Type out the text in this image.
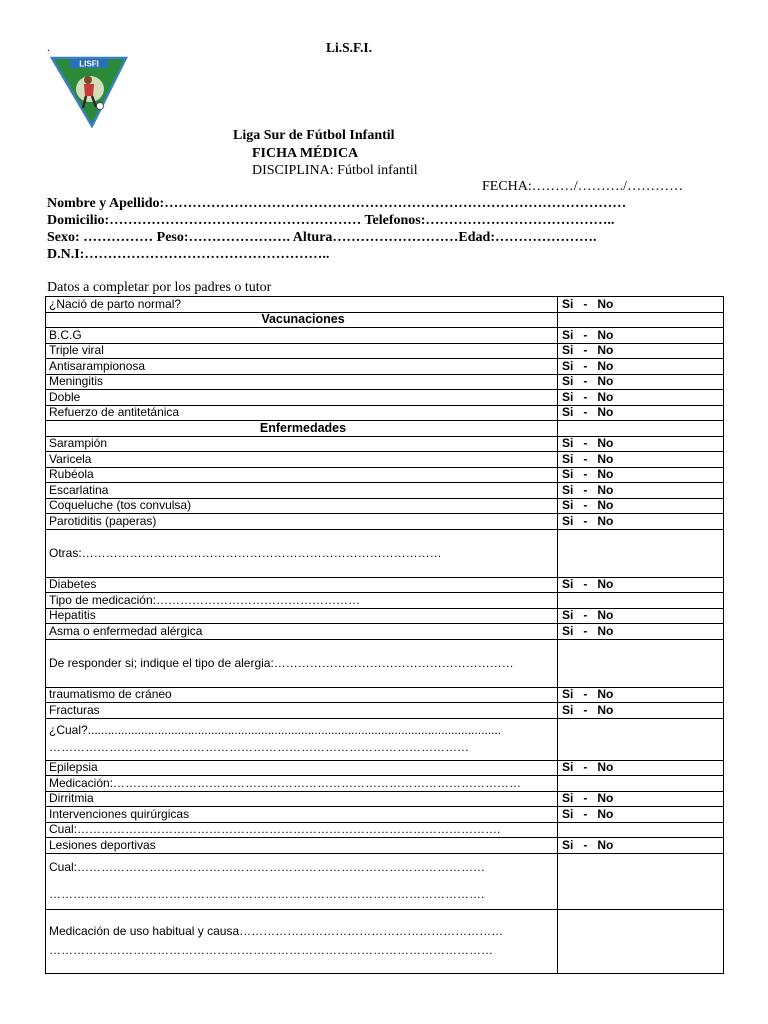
.	Li.S.F.I.
LISFI
Liga Sur de Fútbol Infantil
FICHA MÉDICA
DISCIPLINA: Fútbol infantil
FECHA:………/………./…………
Nombre y Apellido:………………………………………………………………………………………
Domicilio:……………………………………………… Telefonos:…………………………………..
Sexo: …………… Peso:…………………. Altura………………………Edad:………………….
D.N.I:……………………………………………..
Datos a completar por los padres o tutor
¿Nació de parto normal?	Si   -   No
Vacunaciones	
B.C.G	Si   -   No
Triple viral	Si   -   No
Antisarampionosa	Si   -   No
Meningitis	Si   -   No
Doble	Si   -   No
Refuerzo de antitetánica	Si   -   No
Enfermedades	
Sarampión	Si   -   No
Varicela	Si   -   No
Rubéola	Si   -   No
Escarlatina	Si   -   No
Coqueluche (tos convulsa)	Si   -   No
Parotiditis (paperas)	Si   -   No
Otras:………………………………………………………………………………	
Diabetes	Si   -   No
Tipo de medicación:……………………………………………	
Hepatitis	Si   -   No
Asma o enfermedad alérgica	Si   -   No
De responder si; indique el tipo de alergia:……………………………………………………	
traumatismo de cráneo	Si   -   No
Fracturas	Si   -   No

¿Cual?............................................................................................................................
……………………………………………………………………………………………	

Epilepsia	Si   -   No
Medicación:…………………………………………………………………………………………	
Dirritmia	Si   -   No
Intervenciones quirúrgicas	Si   -   No
Cual:…………………………………………………………………………………………….	
Lesiones deportivas	Si   -   No

Cual:…………………………………………………………………………………………
……………………………………………………………………………………………….	

Medicación de uso habitual y causa…………………………………………………………
…………………………………………………………………………………………………	
